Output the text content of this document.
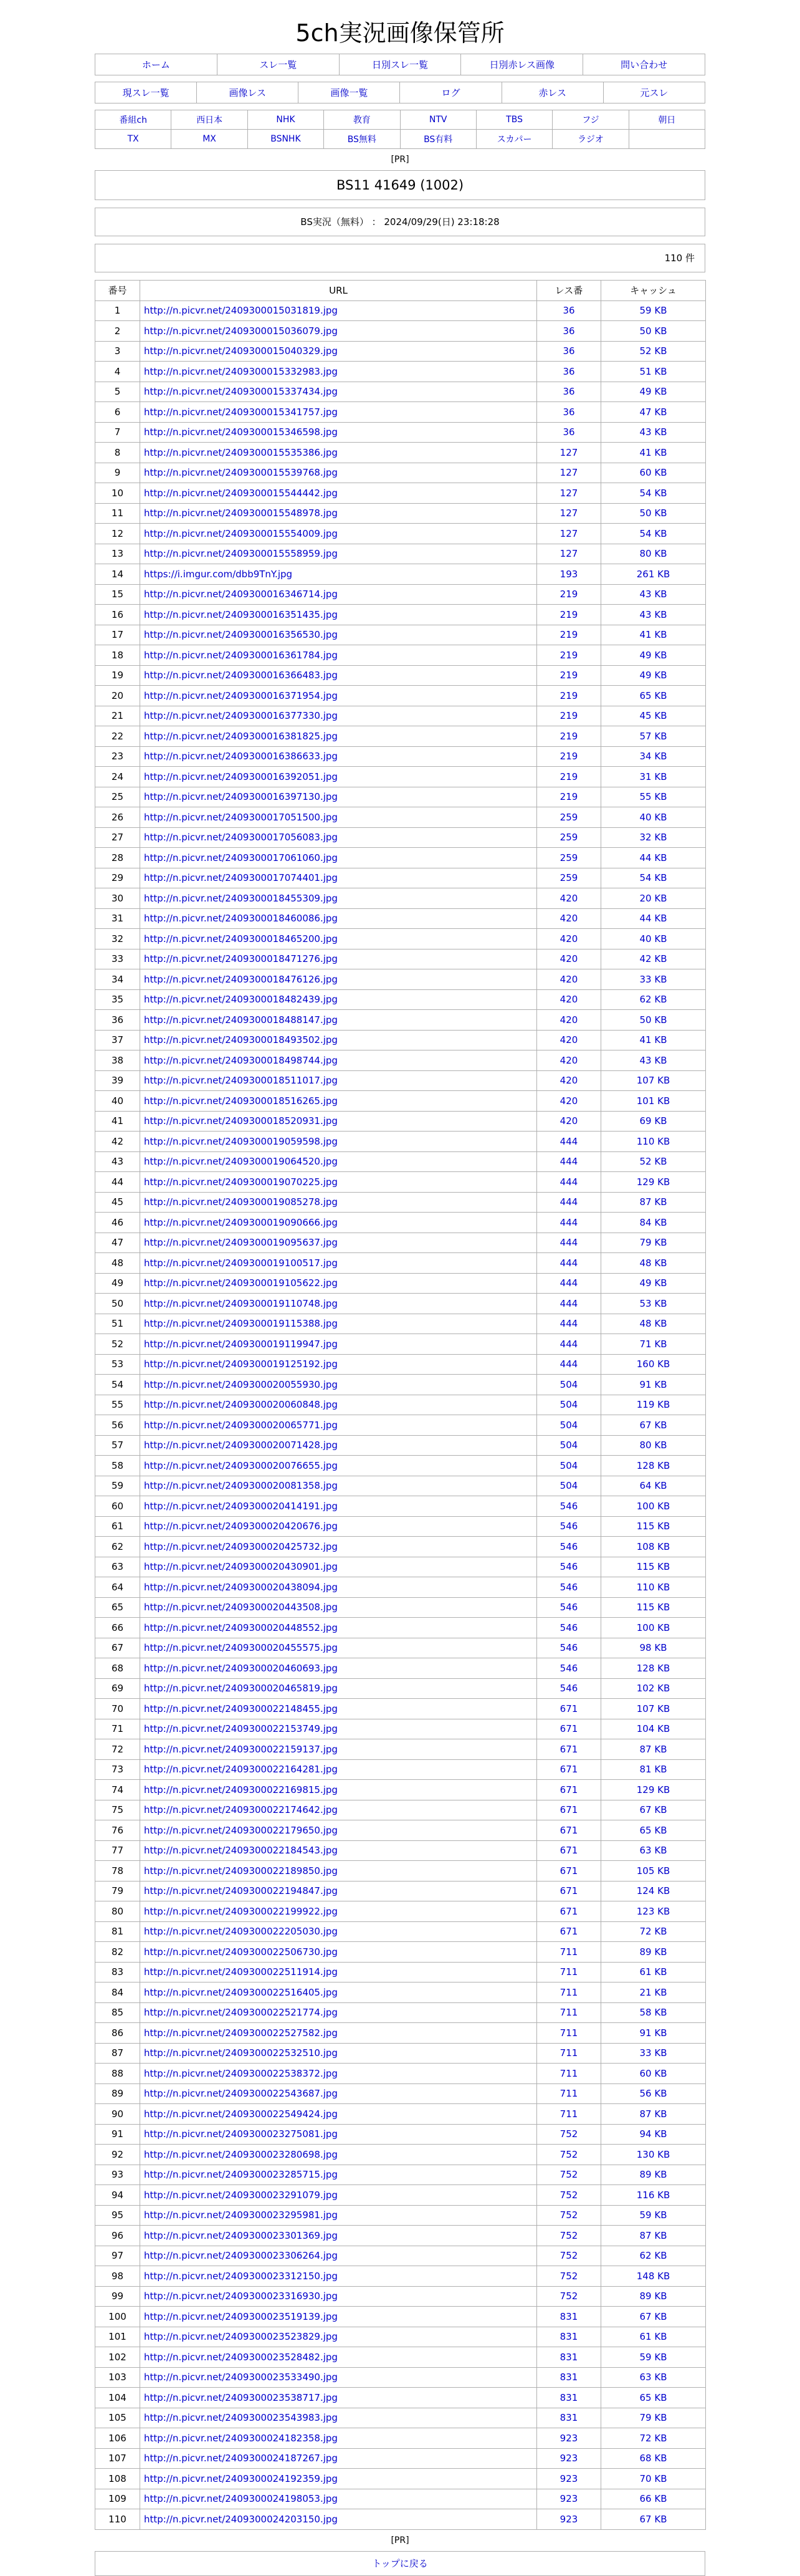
5ch実況画像保管所
ホーム	スレ一覧	日別スレ一覧	日別赤レス画像	問い合わせ
現スレ一覧	画像レス	画像一覧	ログ	赤レス	元スレ
番組ch	西日本	NHK	教育	NTV	TBS	フジ	朝日
TX	MX	BSNHK	BS無料	BS有料	スカパー	ラジオ	
[PR]
BS11 41649 (1002)
BS実況（無料） ： 2024/09/29(日) 23:18:28
110 件
番号	URL	レス番	キャッシュ
1	http://n.picvr.net/2409300015031819.jpg	36	59 KB
2	http://n.picvr.net/2409300015036079.jpg	36	50 KB
3	http://n.picvr.net/2409300015040329.jpg	36	52 KB
4	http://n.picvr.net/2409300015332983.jpg	36	51 KB
5	http://n.picvr.net/2409300015337434.jpg	36	49 KB
6	http://n.picvr.net/2409300015341757.jpg	36	47 KB
7	http://n.picvr.net/2409300015346598.jpg	36	43 KB
8	http://n.picvr.net/2409300015535386.jpg	127	41 KB
9	http://n.picvr.net/2409300015539768.jpg	127	60 KB
10	http://n.picvr.net/2409300015544442.jpg	127	54 KB
11	http://n.picvr.net/2409300015548978.jpg	127	50 KB
12	http://n.picvr.net/2409300015554009.jpg	127	54 KB
13	http://n.picvr.net/2409300015558959.jpg	127	80 KB
14	https://i.imgur.com/dbb9TnY.jpg	193	261 KB
15	http://n.picvr.net/2409300016346714.jpg	219	43 KB
16	http://n.picvr.net/2409300016351435.jpg	219	43 KB
17	http://n.picvr.net/2409300016356530.jpg	219	41 KB
18	http://n.picvr.net/2409300016361784.jpg	219	49 KB
19	http://n.picvr.net/2409300016366483.jpg	219	49 KB
20	http://n.picvr.net/2409300016371954.jpg	219	65 KB
21	http://n.picvr.net/2409300016377330.jpg	219	45 KB
22	http://n.picvr.net/2409300016381825.jpg	219	57 KB
23	http://n.picvr.net/2409300016386633.jpg	219	34 KB
24	http://n.picvr.net/2409300016392051.jpg	219	31 KB
25	http://n.picvr.net/2409300016397130.jpg	219	55 KB
26	http://n.picvr.net/2409300017051500.jpg	259	40 KB
27	http://n.picvr.net/2409300017056083.jpg	259	32 KB
28	http://n.picvr.net/2409300017061060.jpg	259	44 KB
29	http://n.picvr.net/2409300017074401.jpg	259	54 KB
30	http://n.picvr.net/2409300018455309.jpg	420	20 KB
31	http://n.picvr.net/2409300018460086.jpg	420	44 KB
32	http://n.picvr.net/2409300018465200.jpg	420	40 KB
33	http://n.picvr.net/2409300018471276.jpg	420	42 KB
34	http://n.picvr.net/2409300018476126.jpg	420	33 KB
35	http://n.picvr.net/2409300018482439.jpg	420	62 KB
36	http://n.picvr.net/2409300018488147.jpg	420	50 KB
37	http://n.picvr.net/2409300018493502.jpg	420	41 KB
38	http://n.picvr.net/2409300018498744.jpg	420	43 KB
39	http://n.picvr.net/2409300018511017.jpg	420	107 KB
40	http://n.picvr.net/2409300018516265.jpg	420	101 KB
41	http://n.picvr.net/2409300018520931.jpg	420	69 KB
42	http://n.picvr.net/2409300019059598.jpg	444	110 KB
43	http://n.picvr.net/2409300019064520.jpg	444	52 KB
44	http://n.picvr.net/2409300019070225.jpg	444	129 KB
45	http://n.picvr.net/2409300019085278.jpg	444	87 KB
46	http://n.picvr.net/2409300019090666.jpg	444	84 KB
47	http://n.picvr.net/2409300019095637.jpg	444	79 KB
48	http://n.picvr.net/2409300019100517.jpg	444	48 KB
49	http://n.picvr.net/2409300019105622.jpg	444	49 KB
50	http://n.picvr.net/2409300019110748.jpg	444	53 KB
51	http://n.picvr.net/2409300019115388.jpg	444	48 KB
52	http://n.picvr.net/2409300019119947.jpg	444	71 KB
53	http://n.picvr.net/2409300019125192.jpg	444	160 KB
54	http://n.picvr.net/2409300020055930.jpg	504	91 KB
55	http://n.picvr.net/2409300020060848.jpg	504	119 KB
56	http://n.picvr.net/2409300020065771.jpg	504	67 KB
57	http://n.picvr.net/2409300020071428.jpg	504	80 KB
58	http://n.picvr.net/2409300020076655.jpg	504	128 KB
59	http://n.picvr.net/2409300020081358.jpg	504	64 KB
60	http://n.picvr.net/2409300020414191.jpg	546	100 KB
61	http://n.picvr.net/2409300020420676.jpg	546	115 KB
62	http://n.picvr.net/2409300020425732.jpg	546	108 KB
63	http://n.picvr.net/2409300020430901.jpg	546	115 KB
64	http://n.picvr.net/2409300020438094.jpg	546	110 KB
65	http://n.picvr.net/2409300020443508.jpg	546	115 KB
66	http://n.picvr.net/2409300020448552.jpg	546	100 KB
67	http://n.picvr.net/2409300020455575.jpg	546	98 KB
68	http://n.picvr.net/2409300020460693.jpg	546	128 KB
69	http://n.picvr.net/2409300020465819.jpg	546	102 KB
70	http://n.picvr.net/2409300022148455.jpg	671	107 KB
71	http://n.picvr.net/2409300022153749.jpg	671	104 KB
72	http://n.picvr.net/2409300022159137.jpg	671	87 KB
73	http://n.picvr.net/2409300022164281.jpg	671	81 KB
74	http://n.picvr.net/2409300022169815.jpg	671	129 KB
75	http://n.picvr.net/2409300022174642.jpg	671	67 KB
76	http://n.picvr.net/2409300022179650.jpg	671	65 KB
77	http://n.picvr.net/2409300022184543.jpg	671	63 KB
78	http://n.picvr.net/2409300022189850.jpg	671	105 KB
79	http://n.picvr.net/2409300022194847.jpg	671	124 KB
80	http://n.picvr.net/2409300022199922.jpg	671	123 KB
81	http://n.picvr.net/2409300022205030.jpg	671	72 KB
82	http://n.picvr.net/2409300022506730.jpg	711	89 KB
83	http://n.picvr.net/2409300022511914.jpg	711	61 KB
84	http://n.picvr.net/2409300022516405.jpg	711	21 KB
85	http://n.picvr.net/2409300022521774.jpg	711	58 KB
86	http://n.picvr.net/2409300022527582.jpg	711	91 KB
87	http://n.picvr.net/2409300022532510.jpg	711	33 KB
88	http://n.picvr.net/2409300022538372.jpg	711	60 KB
89	http://n.picvr.net/2409300022543687.jpg	711	56 KB
90	http://n.picvr.net/2409300022549424.jpg	711	87 KB
91	http://n.picvr.net/2409300023275081.jpg	752	94 KB
92	http://n.picvr.net/2409300023280698.jpg	752	130 KB
93	http://n.picvr.net/2409300023285715.jpg	752	89 KB
94	http://n.picvr.net/2409300023291079.jpg	752	116 KB
95	http://n.picvr.net/2409300023295981.jpg	752	59 KB
96	http://n.picvr.net/2409300023301369.jpg	752	87 KB
97	http://n.picvr.net/2409300023306264.jpg	752	62 KB
98	http://n.picvr.net/2409300023312150.jpg	752	148 KB
99	http://n.picvr.net/2409300023316930.jpg	752	89 KB
100	http://n.picvr.net/2409300023519139.jpg	831	67 KB
101	http://n.picvr.net/2409300023523829.jpg	831	61 KB
102	http://n.picvr.net/2409300023528482.jpg	831	59 KB
103	http://n.picvr.net/2409300023533490.jpg	831	63 KB
104	http://n.picvr.net/2409300023538717.jpg	831	65 KB
105	http://n.picvr.net/2409300023543983.jpg	831	79 KB
106	http://n.picvr.net/2409300024182358.jpg	923	72 KB
107	http://n.picvr.net/2409300024187267.jpg	923	68 KB
108	http://n.picvr.net/2409300024192359.jpg	923	70 KB
109	http://n.picvr.net/2409300024198053.jpg	923	66 KB
110	http://n.picvr.net/2409300024203150.jpg	923	67 KB
[PR]
トップに戻る
